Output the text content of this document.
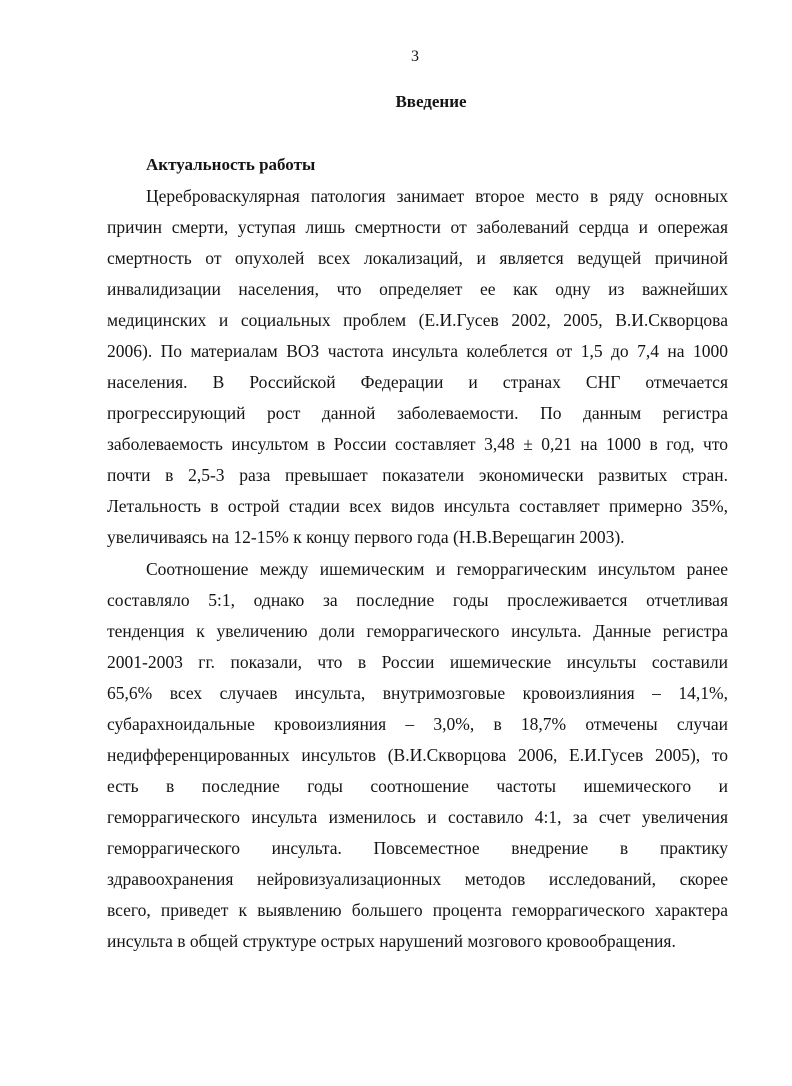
3
Введение
Актуальность работы

Цереброваскулярная патология занимает второе место в ряду основных
причин смерти, уступая лишь смертности от заболеваний сердца и опережая
смертность от опухолей всех локализаций, и является ведущей причиной
инвалидизации населения, что определяет ее как одну из важнейших
медицинских и социальных проблем (Е.И.Гусев 2002, 2005, В.И.Скворцова
2006). По материалам ВОЗ частота инсульта колеблется от 1,5 до 7,4 на 1000
населения. В Российской Федерации и странах СНГ отмечается
прогрессирующий рост данной заболеваемости. По данным регистра
заболеваемость инсультом в России составляет 3,48 ± 0,21 на 1000 в год, что
почти в 2,5-3 раза превышает показатели экономически развитых стран.
Летальность в острой стадии всех видов инсульта составляет примерно 35%,
увеличиваясь на 12-15% к концу первого года (Н.В.Верещагин 2003).

Соотношение между ишемическим и геморрагическим инсультом ранее
составляло 5:1, однако за последние годы прослеживается отчетливая
тенденция к увеличению доли геморрагического инсульта. Данные регистра
2001-2003 гг. показали, что в России ишемические инсульты составили
65,6% всех случаев инсульта, внутримозговые кровоизлияния – 14,1%,
субарахноидальные кровоизлияния – 3,0%, в 18,7% отмечены случаи
недифференцированных инсультов (В.И.Скворцова 2006, Е.И.Гусев 2005), то
есть в последние годы соотношение частоты ишемического и
геморрагического инсульта изменилось и составило 4:1, за счет увеличения
геморрагического инсульта. Повсеместное внедрение в практику
здравоохранения нейровизуализационных методов исследований, скорее
всего, приведет к выявлению большего процента геморрагического характера
инсульта в общей структуре острых нарушений мозгового кровообращения.
